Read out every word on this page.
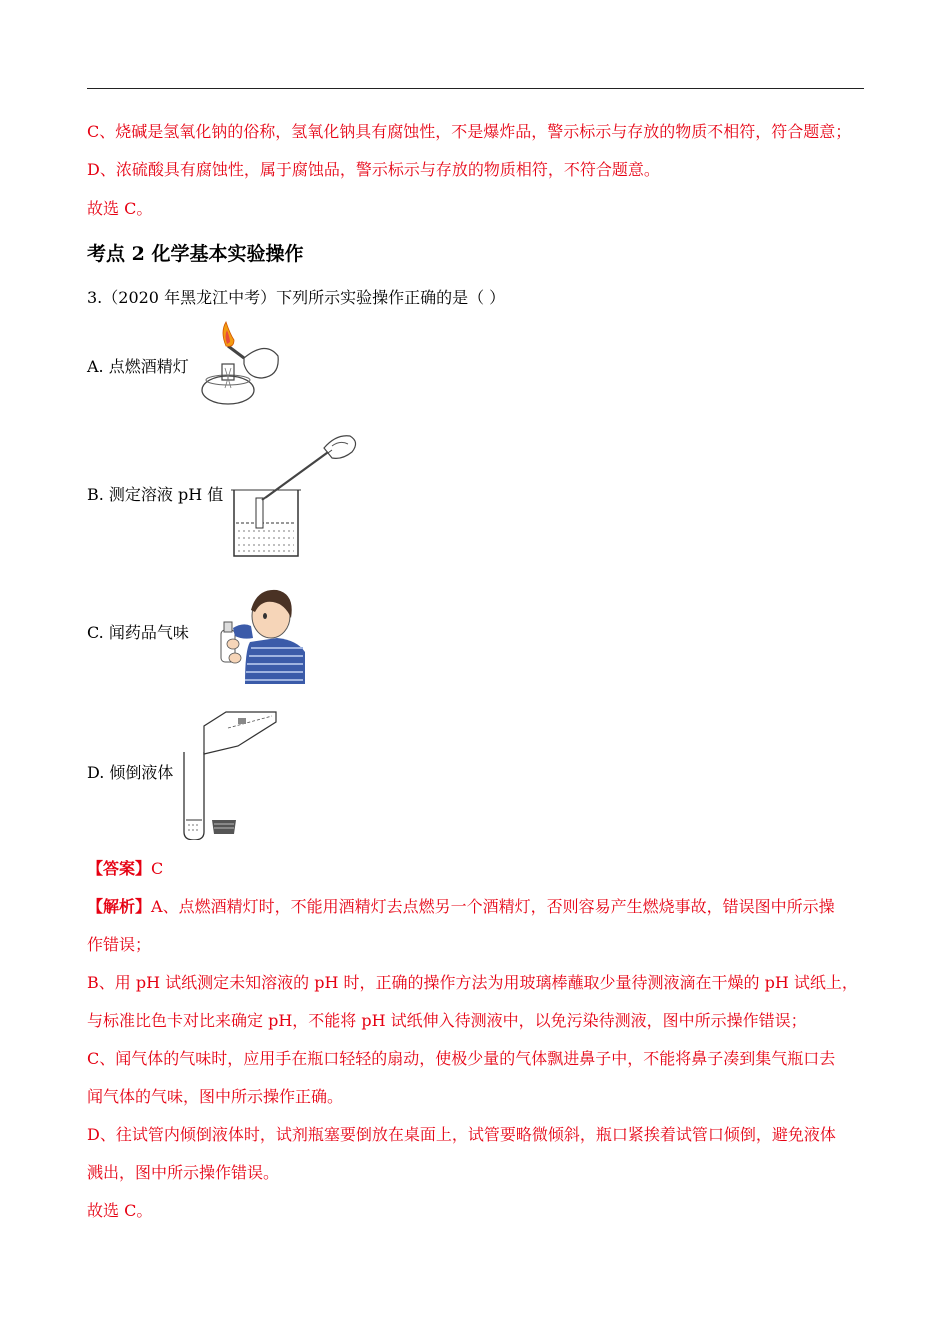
C、烧碱是氢氧化钠的俗称，氢氧化钠具有腐蚀性，不是爆炸品，警示标示与存放的物质不相符，符合题意；
D、浓硫酸具有腐蚀性，属于腐蚀品，警示标示与存放的物质相符，不符合题意。
故选 C。
考点 2 化学基本实验操作
3.（2020 年黑龙江中考）下列所示实验操作正确的是（ ）
A. 点燃酒精灯
B. 测定溶液 pH 值
C. 闻药品气味
D. 倾倒液体
【答案】C
【解析】A、点燃酒精灯时，不能用酒精灯去点燃另一个酒精灯，否则容易产生燃烧事故，错误图中所示操
作错误；
B、用 pH 试纸测定未知溶液的 pH 时，正确的操作方法为用玻璃棒蘸取少量待测液滴在干燥的 pH 试纸上，
与标准比色卡对比来确定 pH，不能将 pH 试纸伸入待测液中，以免污染待测液，图中所示操作错误；
C、闻气体的气味时，应用手在瓶口轻轻的扇动，使极少量的气体飘进鼻子中，不能将鼻子凑到集气瓶口去
闻气体的气味，图中所示操作正确。
D、往试管内倾倒液体时，试剂瓶塞要倒放在桌面上，试管要略微倾斜，瓶口紧挨着试管口倾倒，避免液体
溅出，图中所示操作错误。
故选 C。
